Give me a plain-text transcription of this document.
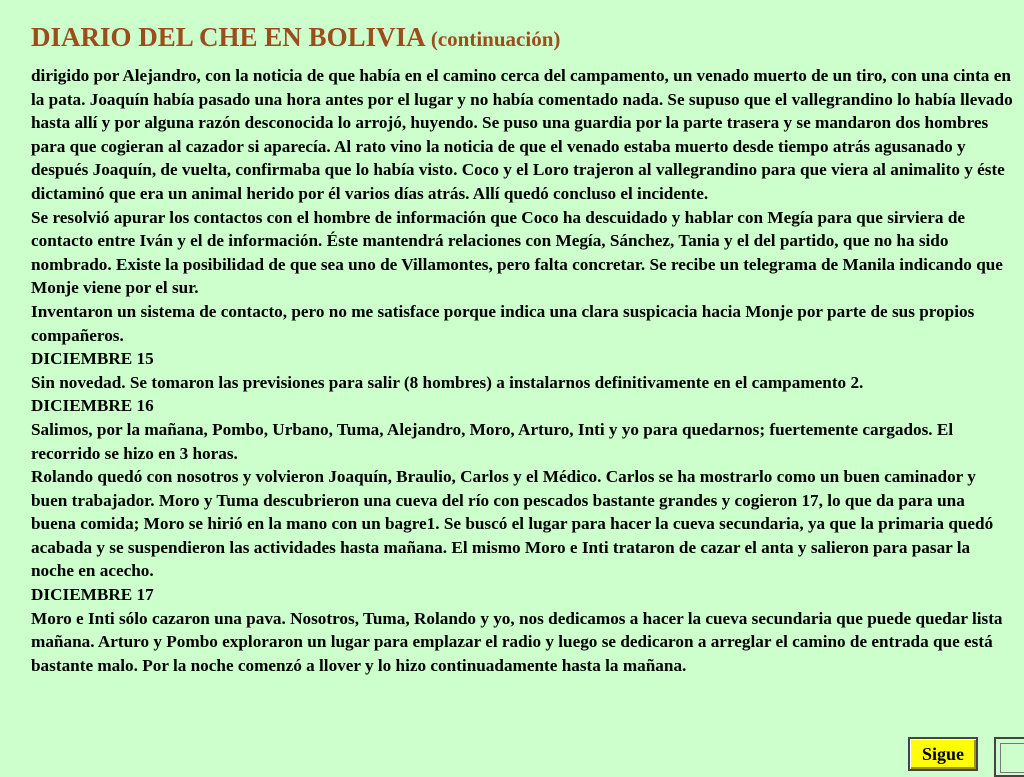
DIARIO DEL CHE EN BOLIVIA (continuación)

dirigido por Alejandro, con la noticia de que había en el camino cerca del campamento, un venado muerto de un tiro, con una cinta en la pata. Joaquín había pasado una hora antes por el lugar y no había comentado nada. Se supuso que el vallegrandino lo había llevado hasta allí y por alguna razón desconocida lo arrojó, huyendo. Se puso una guardia por la parte trasera y se mandaron dos hombres para que cogieran al cazador si aparecía. Al rato vino la noticia de que el venado estaba muerto desde tiempo atrás agusanado y después Joaquín, de vuelta, confirmaba que lo había visto. Coco y el Loro trajeron al vallegrandino para que viera al animalito y éste dictaminó que era un animal herido por él varios días atrás. Allí quedó concluso el incidente.

Se resolvió apurar los contactos con el hombre de información que Coco ha descuidado y hablar con Megía para que sirviera de contacto entre Iván y el de información. Éste mantendrá relaciones con Megía, Sánchez, Tania y el del partido, que no ha sido nombrado. Existe la posibilidad de que sea uno de Villamontes, pero falta concretar. Se recibe un telegrama de Manila indicando que Monje viene por el sur.

Inventaron un sistema de contacto, pero no me satisface porque indica una clara suspicacia hacia Monje por parte de sus propios compañeros.

DICIEMBRE 15

Sin novedad. Se tomaron las previsiones para salir (8 hombres) a instalarnos definitivamente en el campamento 2.

DICIEMBRE 16

Salimos, por la mañana, Pombo, Urbano, Tuma, Alejandro, Moro, Arturo, Inti y yo para quedarnos; fuertemente cargados. El recorrido se hizo en 3 horas.

Rolando quedó con nosotros y volvieron Joaquín, Braulio, Carlos y el Médico. Carlos se ha mostrarlo como un buen caminador y buen trabajador. Moro y Tuma descubrieron una cueva del río con pescados bastante grandes y cogieron 17, lo que da para una buena comida; Moro se hirió en la mano con un bagre1. Se buscó el lugar para hacer la cueva secundaria, ya que la primaria quedó acabada y se suspendieron las actividades hasta mañana. El mismo Moro e Inti trataron de cazar el anta y salieron para pasar la noche en acecho.

DICIEMBRE 17

Moro e Inti sólo cazaron una pava. Nosotros, Tuma, Rolando y yo, nos dedicamos a hacer la cueva secundaria que puede quedar lista mañana. Arturo y Pombo exploraron un lugar para emplazar el radio y luego se dedicaron a arreglar el camino de entrada que está bastante malo. Por la noche comenzó a llover y lo hizo continuadamente hasta la mañana.

Sigue
